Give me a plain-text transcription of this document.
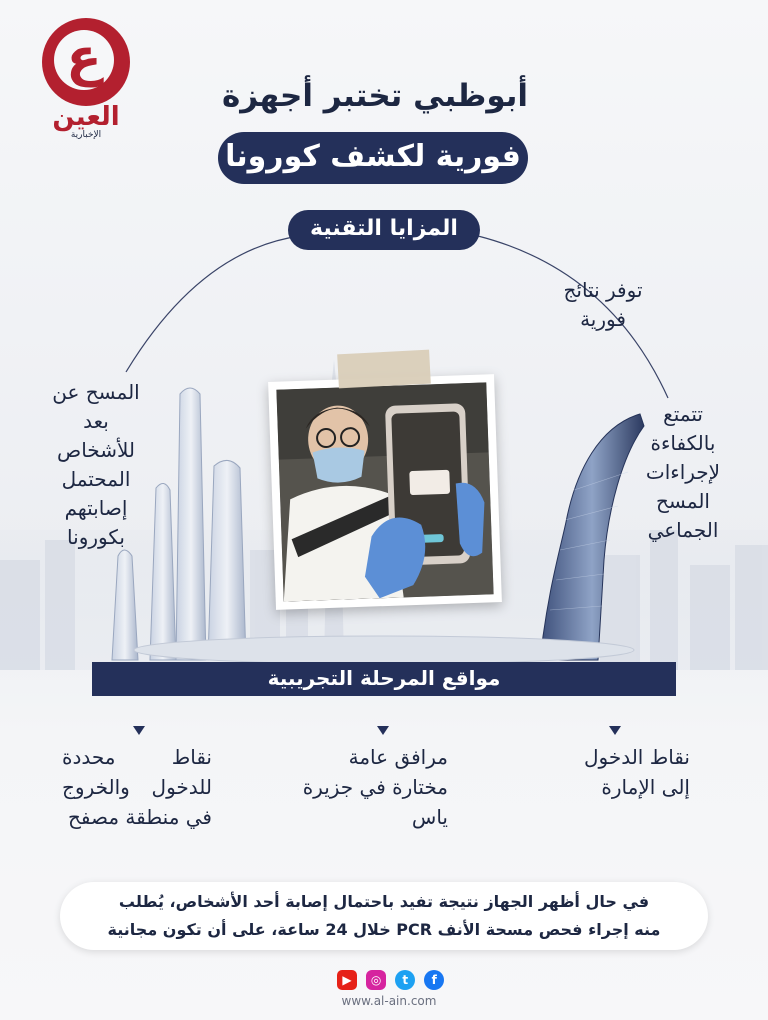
ع
العين
الإخبارية
أبوظبي تختبر أجهزة
فورية لكشف كورونا
المزايا التقنية
توفر نتائج فورية
تتمتع بالكفاءة لإجراءات المسح الجماعي
المسح عن بعد للأشخاص المحتمل إصابتهم بكورونا
مواقع المرحلة التجريبية
نقاط الدخول إلى الإمارة
مرافق عامة مختارة في جزيرة ياس
نقاط محددة للدخول والخروج في منطقة مصفح
في حال أظهر الجهاز نتيجة تفيد باحتمال إصابة أحد الأشخاص، يُطلب
منه إجراء فحص مسحة الأنف PCR خلال 24 ساعة، على أن تكون مجانية
▶ ◎ t f
www.al-ain.com
